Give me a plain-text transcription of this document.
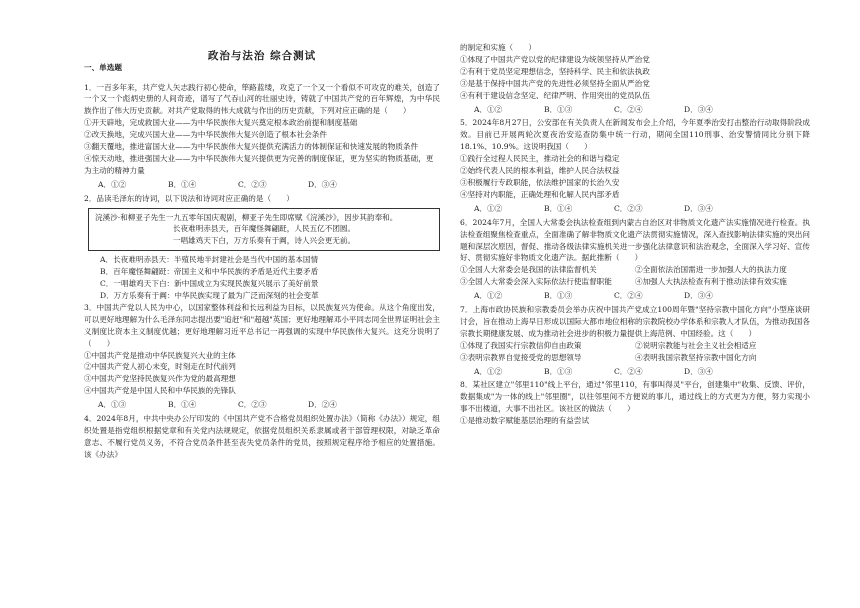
政治与法治 综合测试

一、单选题

1．一百多年来，共产党人矢志践行初心使命，筚路蓝缕，攻克了一个又一个看似不可攻克的难关，创造了一个又一个彪炳史册的人间奇迹，谱写了气吞山河的壮丽史诗，铸就了中国共产党的百年辉煌，为中华民族作出了伟大历史贡献。对共产党取得的伟大成就与作出的历史贡献，下列对应正确的是（　　）

①开天辟地，完成救国大业——为中华民族伟大复兴奠定根本政治前提和制度基础

②改天换地，完成兴国大业——为中华民族伟大复兴创造了根本社会条件

③翻天覆地，推进富国大业——为中华民族伟大复兴提供充满活力的体制保证和快速发展的物质条件

④惊天动地，推进强国大业——为中华民族伟大复兴提供更为完善的制度保证，更为坚实的物质基础，更为主动的精神力量

A．①②	B．①④	C．②③	D．③④

2．品读毛泽东的诗词，以下说法和诗词对应正确的是（　　）

浣溪沙·和柳亚子先生一九五零年国庆观剧，柳亚子先生即席赋《浣溪沙》，因步其韵奉和。

长夜难明赤县天，百年魔怪舞翩跹，人民五亿不团圆。

一唱雄鸡天下白，万方乐奏有于阗，诗人兴会更无前。

A．长夜难明赤县天：半殖民地半封建社会是当代中国的基本国情

B．百年魔怪舞翩跹：帝国主义和中华民族的矛盾是近代主要矛盾

C．一唱雄鸡天下白：新中国成立为实现民族复兴展示了美好前景

D．万方乐奏有于阗：中华民族实现了最为广泛而深刻的社会变革

3．中国共产党以人民为中心，以国家整体利益和长远利益为目标，以民族复兴为使命。从这个角度出发，可以更好地理解为什么毛泽东同志提出要"追赶"和"超越"英国；更好地理解邓小平同志同全世界证明社会主义制度比资本主义制度优越；更好地理解习近平总书记一再强调的实现中华民族伟大复兴。这充分说明了（　　）

①中国共产党是推动中华民族复兴大业的主体

②中国共产党人初心未变，时刻走在时代前列

③中国共产党坚持民族复兴作为党的最高理想

④中国共产党是中国人民和中华民族的先锋队

A．①③	B．①④	C．②③	D．②④

4．2024年8月，中共中央办公厅印发的《中国共产党不合格党员组织处置办法》（简称《办法》）规定，组织处置是指党组织根据党章和有关党内法规规定，依据党员组织关系隶属或者干部管理权限，对缺乏革命意志、不履行党员义务，不符合党员条件甚至丧失党员条件的党员，按照规定程序给予相应的处置措施。该《办法》

的制定和实施（　　）

①体现了中国共产党以党的纪律建设为统领坚持从严治党

②有利于党员坚定理想信念，坚持科学、民主和依法执政

③是基于保持中国共产党的先进性必须坚持全面从严治党

④有利于建设信念坚定、纪律严明、作用突出的党员队伍

A．①②	B．①③	C．②④	D．③④

5．2024年8月27日，公安部在有关负责人在新闻发布会上介绍，今年夏季治安打击整治行动取得阶段成效。目前已开展两轮次夏夜治安巡查防集中统一行动，期间全国110刑事、治安警情同比分别下降18.1%、10.9%。这说明我国（　　）

①践行全过程人民民主，推动社会的和谐与稳定

②始终代表人民的根本利益，维护人民合法权益

③积极履行专政职能，依法维护国家的长治久安

④坚持对内职能，正确处理和化解人民内部矛盾

A．①②	B．①④	C．②③	D．③④

6．2024年7月，全国人大常委会执法检查组到内蒙古自治区对非物质文化遗产法实施情况进行检查。执法检查组聚焦检查重点，全面准确了解非物质文化遗产法贯彻实施情况，深入查找影响法律实施的突出问题和深层次原因，督促、推动各级法律实施机关进一步强化法律意识和法治观念，全面深入学习好、宣传好、贯彻实施好非物质文化遗产法。据此推断（　　）

①全国人大常委会是我国的法律监督机关	②全面依法治国需进一步加强人大的执法力度
③全国人大常委会深入实际依法行使监督职能	④加强人大执法检查有利于推动法律有效实施
A．①②	B．①③	C．②④	D．③④

7．上海市政协民族和宗教委员会举办庆祝中国共产党成立100周年暨"坚持宗教中国化方向"小型座谈研讨会，旨在推动上海早日形成以国际大都市地位相称的宗教院校办学体系和宗教人才队伍，为推动我国各宗教长期健康发展、成为推动社会进步的积极力量提供上海范例、中国经验。这（　　）

①体现了我国实行宗教信仰自由政策	②说明宗教能与社会主义社会相适应
③表明宗教界自觉接受党的思想领导	④表明我国宗教坚持宗教中国化方向
A．①②	B．①③	C．②④	D．③④

8．某社区建立"邻里110"线上平台，通过"邻里110，有事叫得灵"平台，创建集中"收集、反馈、评价，数据集成"为一体的线上"邻里圈"，以往邻里间不方便说的事儿，通过线上的方式更为方便，努力实现小事不出楼道，大事不出社区。该社区的做法（　　）

①是推动数字赋能基层治理的有益尝试
